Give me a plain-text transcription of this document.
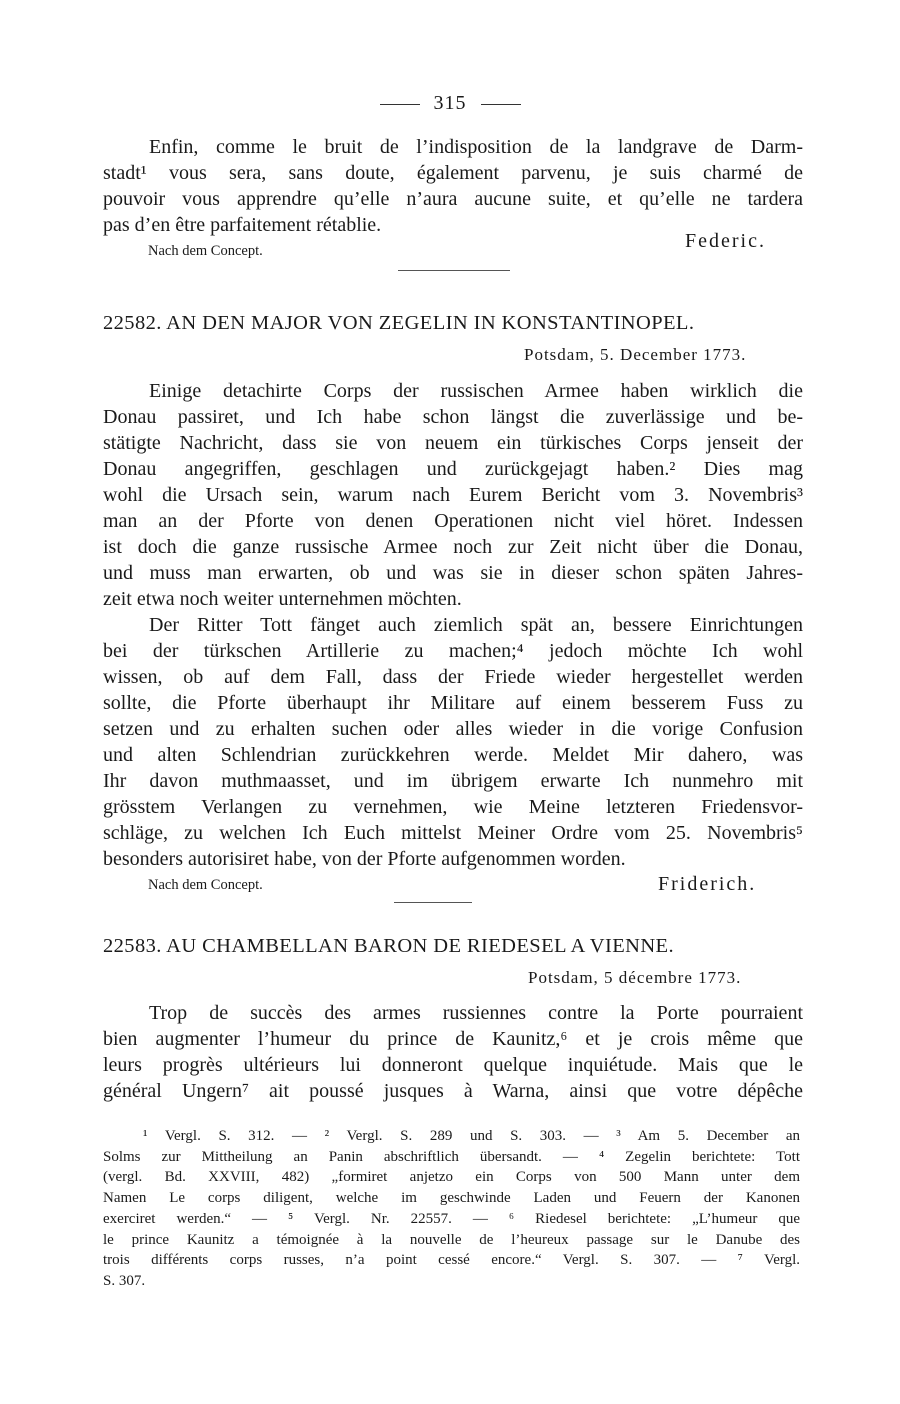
315
Enfin, comme le bruit de l’indisposition de la landgrave de Darm-
stadt¹ vous sera, sans doute, également parvenu, je suis charmé de
pouvoir vous apprendre qu’elle n’aura aucune suite, et qu’elle ne tardera
pas d’en être parfaitement rétablie.
Federic.
Nach dem Concept.
22582. AN DEN MAJOR VON ZEGELIN IN KONSTANTINOPEL.
Potsdam, 5. December 1773.
Einige detachirte Corps der russischen Armee haben wirklich die
Donau passiret, und Ich habe schon längst die zuverlässige und be-
stätigte Nachricht, dass sie von neuem ein türkisches Corps jenseit der
Donau angegriffen, geschlagen und zurückgejagt haben.² Dies mag
wohl die Ursach sein, warum nach Eurem Bericht vom 3. Novembris³
man an der Pforte von denen Operationen nicht viel höret. Indessen
ist doch die ganze russische Armee noch zur Zeit nicht über die Donau,
und muss man erwarten, ob und was sie in dieser schon späten Jahres-
zeit etwa noch weiter unternehmen möchten.
Der Ritter Tott fänget auch ziemlich spät an, bessere Einrichtungen
bei der türkschen Artillerie zu machen;⁴ jedoch möchte Ich wohl
wissen, ob auf dem Fall, dass der Friede wieder hergestellet werden
sollte, die Pforte überhaupt ihr Militare auf einem besserem Fuss zu
setzen und zu erhalten suchen oder alles wieder in die vorige Confusion
und alten Schlendrian zurückkehren werde. Meldet Mir dahero, was
Ihr davon muthmaasset, und im übrigem erwarte Ich nunmehro mit
grösstem Verlangen zu vernehmen, wie Meine letzteren Friedensvor-
schläge, zu welchen Ich Euch mittelst Meiner Ordre vom 25. Novembris⁵
besonders autorisiret habe, von der Pforte aufgenommen worden.
Nach dem Concept.	Friderich.
22583. AU CHAMBELLAN BARON DE RIEDESEL A VIENNE.
Potsdam, 5 décembre 1773.
Trop de succès des armes russiennes contre la Porte pourraient
bien augmenter l’humeur du prince de Kaunitz,⁶ et je crois même que
leurs progrès ultérieurs lui donneront quelque inquiétude. Mais que le
général Ungern⁷ ait poussé jusques à Warna, ainsi que votre dépêche
¹ Vergl. S. 312. — ² Vergl. S. 289 und S. 303. — ³ Am 5. December an
Solms zur Mittheilung an Panin abschriftlich übersandt. — ⁴ Zegelin berichtete: Tott
(vergl. Bd. XXVIII, 482) „formiret anjetzo ein Corps von 500 Mann unter dem
Namen Le corps diligent, welche im geschwinde Laden und Feuern der Kanonen
exerciret werden.“ — ⁵ Vergl. Nr. 22557. — ⁶ Riedesel berichtete: „L’humeur que
le prince Kaunitz a témoignée à la nouvelle de l’heureux passage sur le Danube des
trois différents corps russes, n’a point cessé encore.“ Vergl. S. 307. — ⁷ Vergl.
S. 307.
